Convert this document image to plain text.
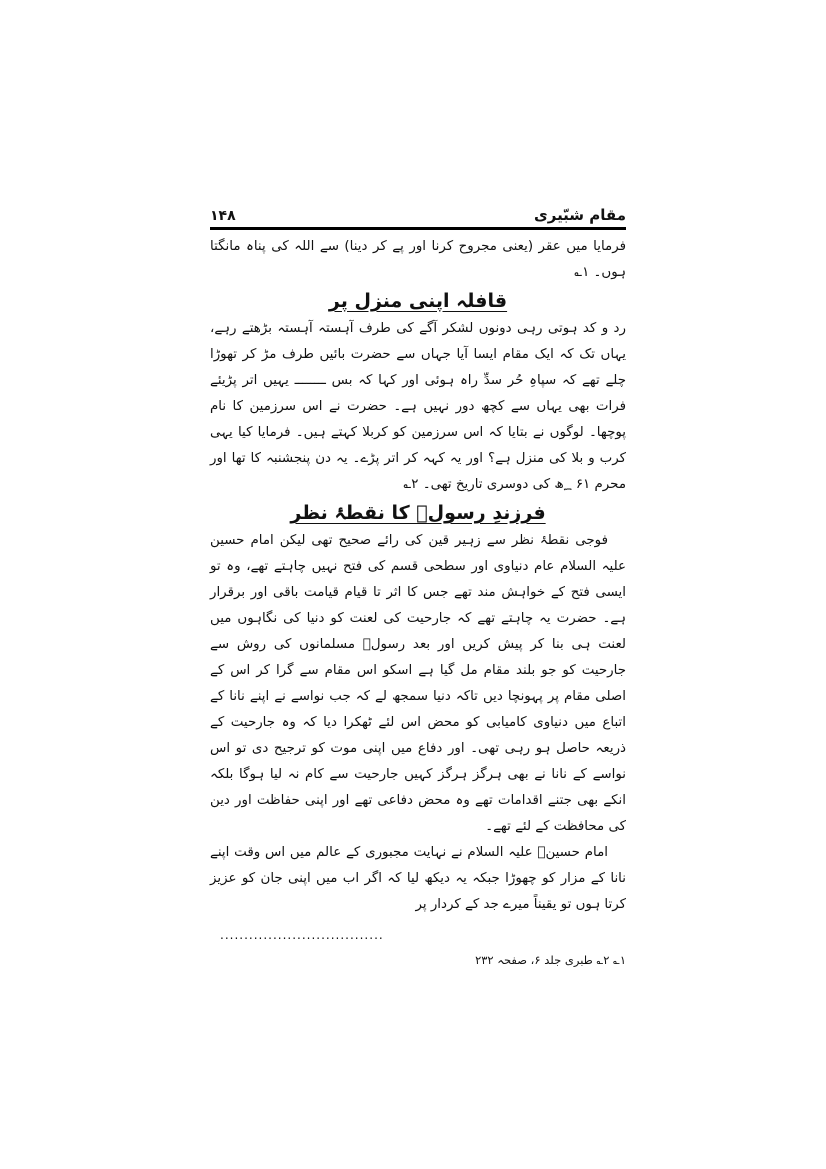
مقام شبّیری
۱۴۸

فرمایا میں عقر (یعنی مجروح کرنا اور پے کر دینا) سے اللہ کی پناہ مانگتا ہوں۔ ۱؎

قافلہ اپنی منزل پر

رد و کد ہوتی رہی دونوں لشکر آگے کی طرف آہستہ آہستہ بڑھتے رہے، یہاں تک کہ ایک مقام ایسا آیا جہاں سے حضرت بائیں طرف مڑ کر تھوڑا چلے تھے کہ سپاہِ حُر سدِّ راہ ہوئی اور کہا کہ بس ــــــــ یہیں اتر پڑیئے فرات بھی یہاں سے کچھ دور نہیں ہے۔ حضرت نے اس سرزمین کا نام پوچھا۔ لوگوں نے بتایا کہ اس سرزمین کو کربلا کہتے ہیں۔ فرمایا کیا یہی کرب و بلا کی منزل ہے؟ اور یہ کہہ کر اتر پڑے۔ یہ دن پنجشنبہ کا تھا اور محرم ۶۱ ؁ھ کی دوسری تاریخ تھی۔ ۲؎

فرزندِ رسولؐ کا نقطۂ نظر

فوجی نقطۂ نظر سے زہیر قین کی رائے صحیح تھی لیکن امام حسین علیہ السلام عام دنیاوی اور سطحی قسم کی فتح نہیں چاہتے تھے، وہ تو ایسی فتح کے خواہش مند تھے جس کا اثر تا قیام قیامت باقی اور برقرار ہے۔ حضرت یہ چاہتے تھے کہ جارحیت کی لعنت کو دنیا کی نگاہوں میں لعنت ہی بنا کر پیش کریں اور بعد رسولؐ مسلمانوں کی روش سے جارحیت کو جو بلند مقام مل گیا ہے اسکو اس مقام سے گرا کر اس کے اصلی مقام پر پہونچا دیں تاکہ دنیا سمجھ لے کہ جب نواسے نے اپنے نانا کے اتباع میں دنیاوی کامیابی کو محض اس لئے ٹھکرا دیا کہ وہ جارحیت کے ذریعہ حاصل ہو رہی تھی۔ اور دفاع میں اپنی موت کو ترجیح دی تو اس نواسے کے نانا نے بھی ہرگز ہرگز کہیں جارحیت سے کام نہ لیا ہوگا بلکہ انکے بھی جتنے اقدامات تھے وہ محض دفاعی تھے اور اپنی حفاظت اور دین کی محافظت کے لئے تھے۔

امام حسینؑ علیہ السلام نے نہایت مجبوری کے عالم میں اس وقت اپنے نانا کے مزار کو چھوڑا جبکہ یہ دیکھ لیا کہ اگر اب میں اپنی جان کو عزیز کرتا ہوں تو یقیناً میرے جد کے کردار پر

..................................
۱؎ ۲؎ طبری جلد ۶، صفحہ ۲۳۲
